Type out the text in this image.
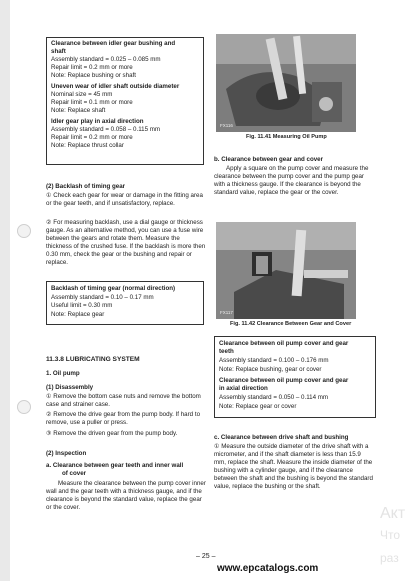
Clearance between idler gear bushing and
shaft
Assembly standard = 0.025 – 0.085 mm
Repair limit = 0.2 mm or more
Note: Replace bushing or shaft
Uneven wear of idler shaft outside diameter
Nominal size = 45 mm
Repair limit = 0.1 mm or more
Note: Replace shaft
Idler gear play in axial direction
Assembly standard = 0.058 – 0.115 mm
Repair limit = 0.2 mm or more
Note: Replace thrust collar
(2) Backlash of timing gear
① Check each gear for wear or damage in the fitting area or the gear teeth, and if unsatisfactory, replace.
② For measuring backlash, use a dial gauge or thickness gauge. As an alternative method, you can use a fuse wire between the gears and rotate them. Measure the thickness of the crushed fuse. If the backlash is more then 0.30 mm, check the gear or the bushing and repair or replace.
Backlash of timing gear (normal direction)
Assembly standard = 0.10 – 0.17 mm
Useful limit = 0.30 mm
Note: Replace gear
11.3.8 LUBRICATING SYSTEM
1. Oil pump
(1) Disassembly
① Remove the bottom case nuts and remove the bottom case and strainer case.
② Remove the drive gear from the pump body. If hard to remove, use a puller or press.
③ Remove the driven gear from the pump body.
(2) Inspection
a. Clearance between gear teeth and inner wall
of cover
Measure the clearance between the pump cover inner wall and the gear teeth with a thickness gauge, and if the clearance is beyond the standard value, replace the gear or the cover.
FX116
Fig. 11.41 Measuring Oil Pump
b. Clearance between gear and cover
Apply a square on the pump cover and measure the clearance between the pump cover and the pump gear with a thickness gauge. If the clearance is beyond the standard value, replace the gear or the cover.
FX117
Fig. 11.42 Clearance Between Gear and Cover
Clearance between oil pump cover and gear
teeth
Assembly standard = 0.100 – 0.176 mm
Note: Replace bushing, gear or cover
Clearance between oil pump cover and gear
in axial direction
Assembly standard = 0.050 – 0.114 mm
Note: Replace gear or cover
c. Clearance between drive shaft and bushing
① Measure the outside diameter of the drive shaft with a micrometer, and if the shaft diameter is less than 15.9 mm, replace the shaft. Measure the inside diameter of the bushing with a cylinder gauge, and if the clearance between the shaft and the bushing is beyond the standard value, replace the bushing or the shaft.
– 25 –
www.epcatalogs.com
Акт
Что
раз
